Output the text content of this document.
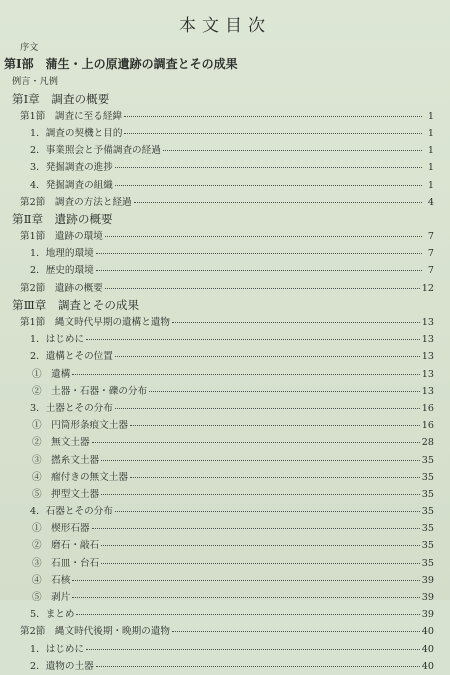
本文目次
序文
第Ⅰ部　蒲生・上の原遺跡の調査とその成果
例言・凡例
第Ⅰ章　調査の概要
第1節　調査に至る経緯	1
1．調査の契機と目的	1
2．事業照会と予備調査の経過	1
3．発掘調査の進捗	1
4．発掘調査の組織	1
第2節　調査の方法と経過	4
第Ⅱ章　遺跡の概要
第1節　遺跡の環境	7
1．地理的環境	7
2．歴史的環境	7
第2節　遺跡の概要	12
第Ⅲ章　調査とその成果
第1節　縄文時代早期の遺構と遺物	13
1．はじめに	13
2．遺構とその位置	13
①　遺構	13
②　土器・石器・礫の分布	13
3．土器とその分布	16
①　円筒形条痕文土器	16
②　無文土器	28
③　撚糸文土器	35
④　瘤付きの無文土器	35
⑤　押型文土器	35
4．石器とその分布	35
①　楔形石器	35
②　磨石・敲石	35
③　石皿・台石	35
④　石核	39
⑤　剥片	39
5．まとめ	39
第2節　縄文時代後期・晩期の遺物	40
1．はじめに	40
2．遺物の土器	40
